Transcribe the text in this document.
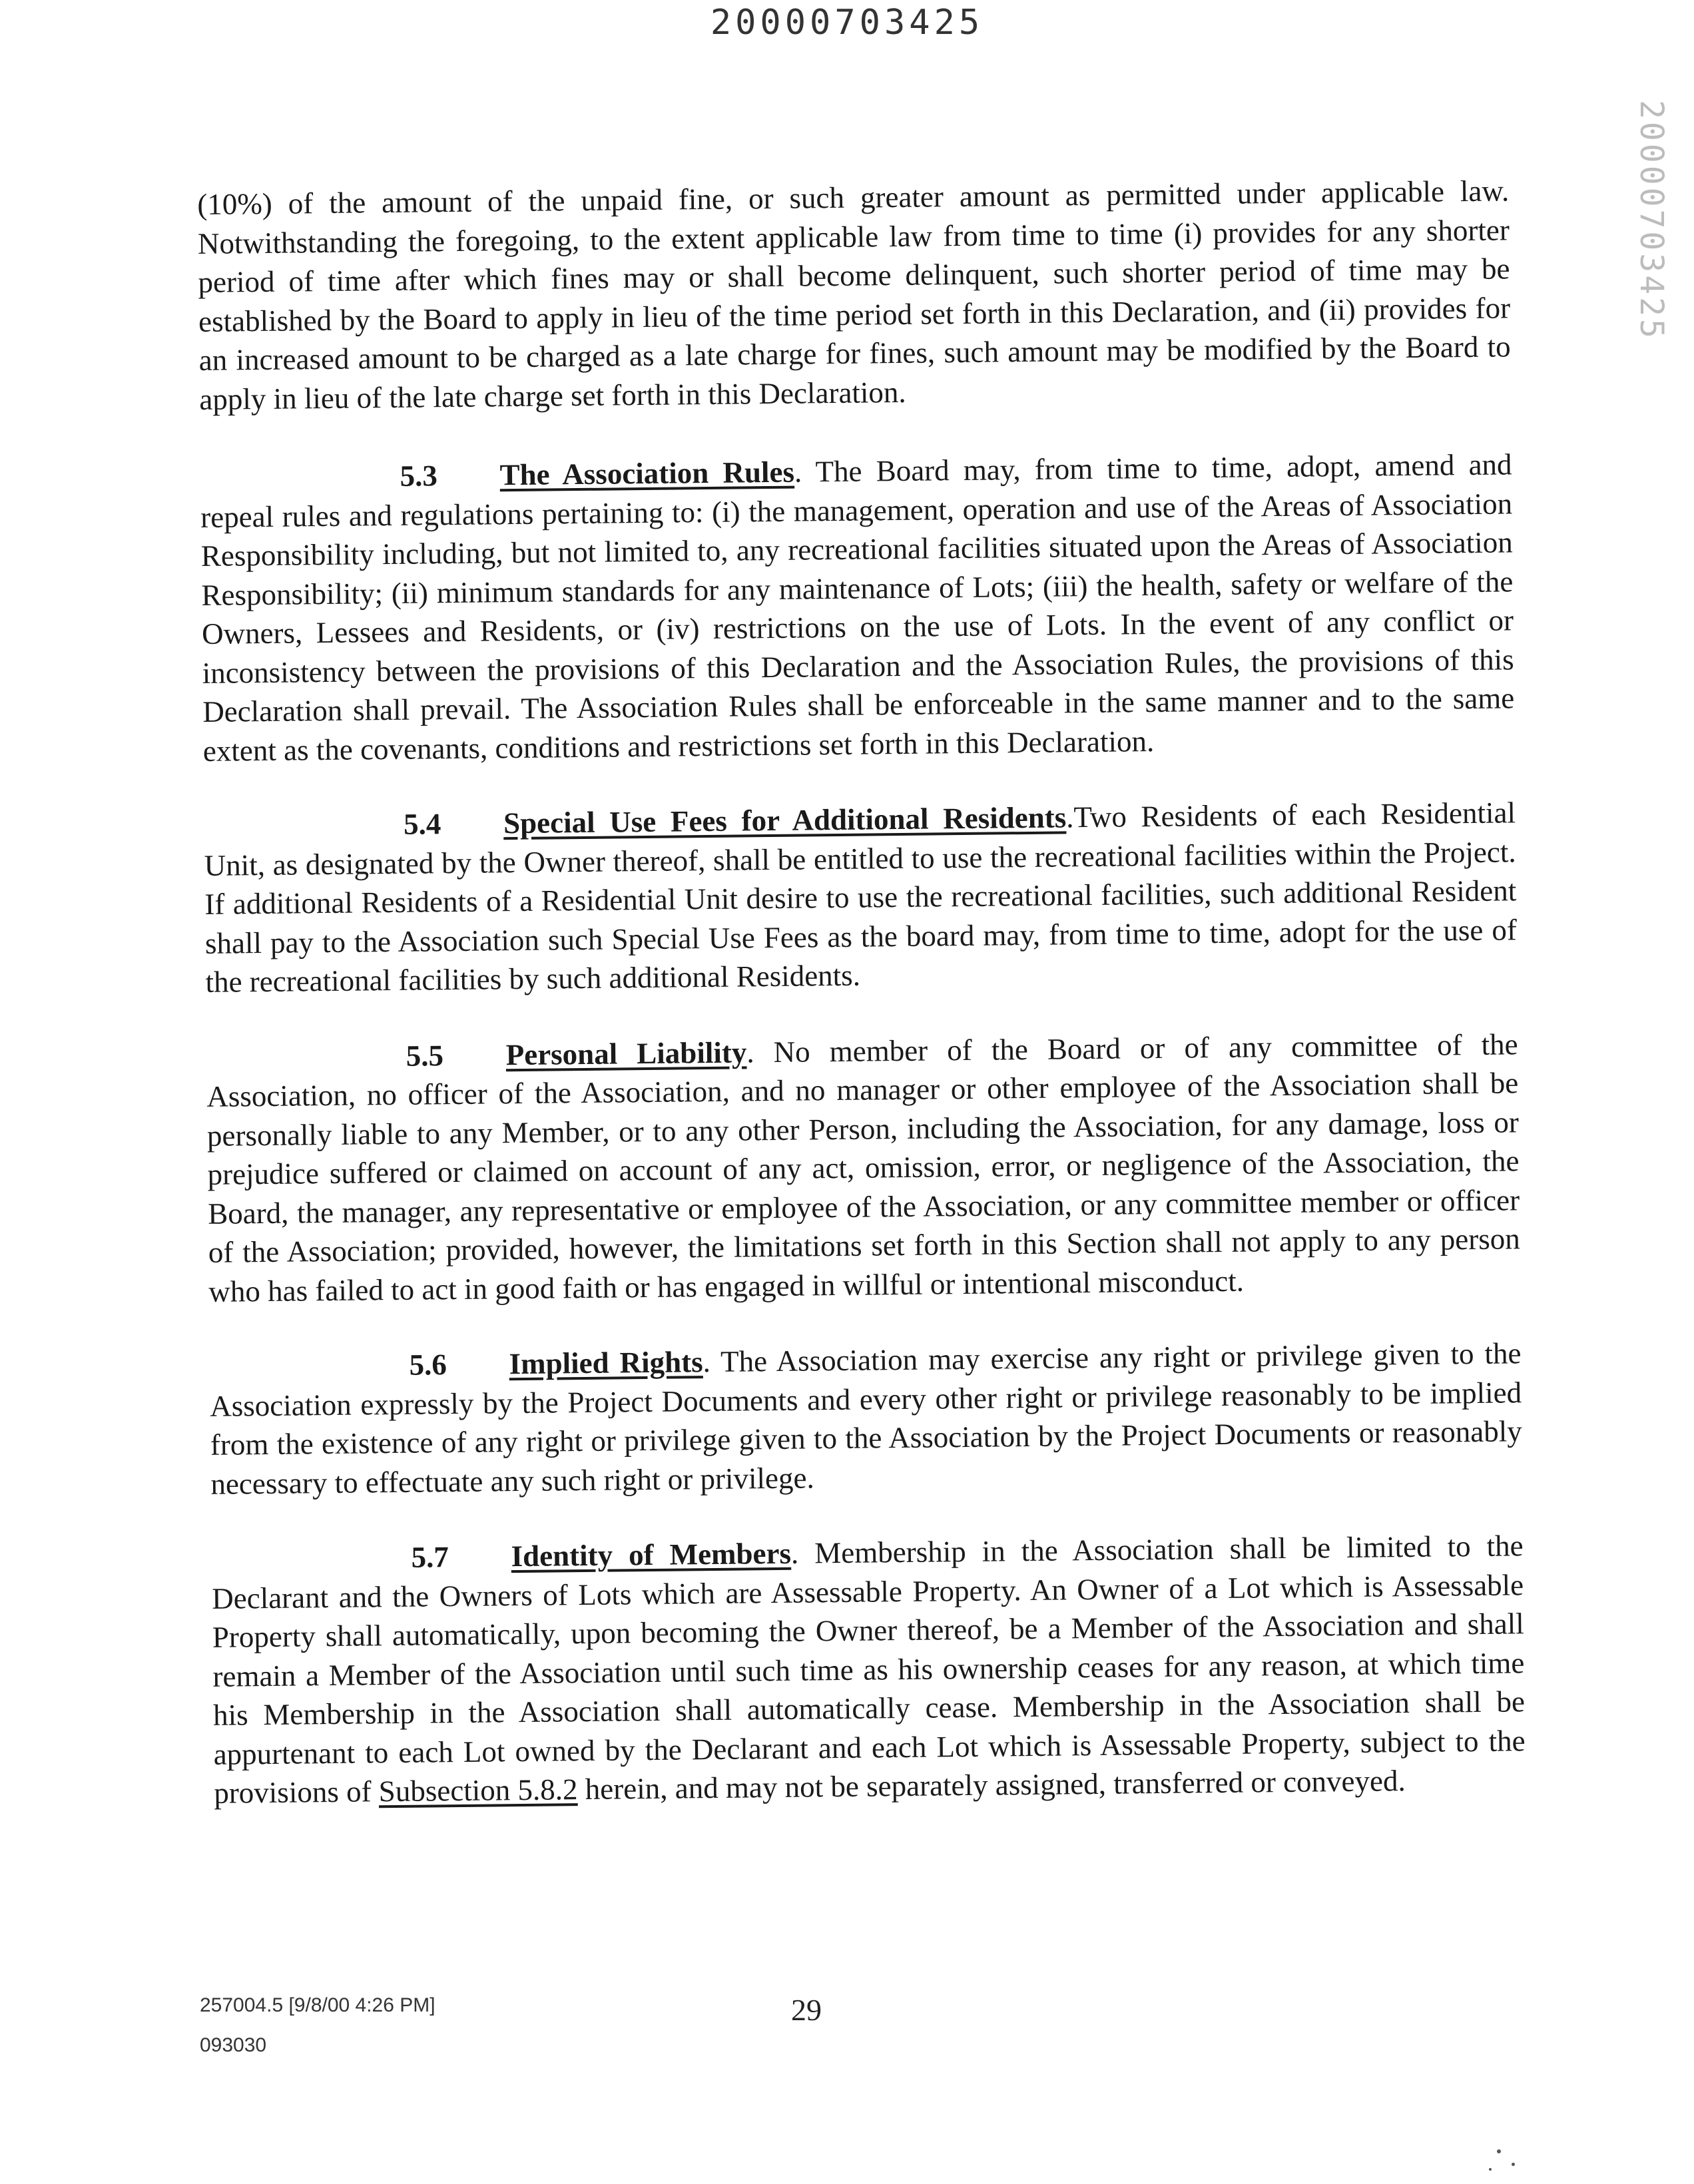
20000703425
20000703425

(10%) of the amount of the unpaid fine, or such greater amount as permitted under applicable law. Notwithstanding the foregoing, to the extent applicable law from time to time (i) provides for any shorter period of time after which fines may or shall become delinquent, such shorter period of time may be established by the Board to apply in lieu of the time period set forth in this Declaration, and (ii) provides for an increased amount to be charged as a late charge for fines, such amount may be modified by the Board to apply in lieu of the late charge set forth in this Declaration.

5.3 The Association Rules. The Board may, from time to time, adopt, amend and repeal rules and regulations pertaining to: (i) the management, operation and use of the Areas of Association Responsibility including, but not limited to, any recreational facilities situated upon the Areas of Association Responsibility; (ii) minimum standards for any maintenance of Lots; (iii) the health, safety or welfare of the Owners, Lessees and Residents, or (iv) restrictions on the use of Lots. In the event of any conflict or inconsistency between the provisions of this Declaration and the Association Rules, the provisions of this Declaration shall prevail. The Association Rules shall be enforceable in the same manner and to the same extent as the covenants, conditions and restrictions set forth in this Declaration.

5.4 Special Use Fees for Additional Residents.Two Residents of each Residential Unit, as designated by the Owner thereof, shall be entitled to use the recreational facilities within the Project. If additional Residents of a Residential Unit desire to use the recreational facilities, such additional Resident shall pay to the Association such Special Use Fees as the board may, from time to time, adopt for the use of the recreational facilities by such additional Residents.

5.5 Personal Liability. No member of the Board or of any committee of the Association, no officer of the Association, and no manager or other employee of the Association shall be personally liable to any Member, or to any other Person, including the Association, for any damage, loss or prejudice suffered or claimed on account of any act, omission, error, or negligence of the Association, the Board, the manager, any representative or employee of the Association, or any committee member or officer of the Association; provided, however, the limitations set forth in this Section shall not apply to any person who has failed to act in good faith or has engaged in willful or intentional misconduct.

5.6 Implied Rights. The Association may exercise any right or privilege given to the Association expressly by the Project Documents and every other right or privilege reasonably to be implied from the existence of any right or privilege given to the Association by the Project Documents or reasonably necessary to effectuate any such right or privilege.

5.7 Identity of Members. Membership in the Association shall be limited to the Declarant and the Owners of Lots which are Assessable Property. An Owner of a Lot which is Assessable Property shall automatically, upon becoming the Owner thereof, be a Member of the Association and shall remain a Member of the Association until such time as his ownership ceases for any reason, at which time his Membership in the Association shall automatically cease. Membership in the Association shall be appurtenant to each Lot owned by the Declarant and each Lot which is Assessable Property, subject to the provisions of Subsection 5.8.2 herein, and may not be separately assigned, transferred or conveyed.

257004.5 [9/8/00 4:26 PM]
093030
29
